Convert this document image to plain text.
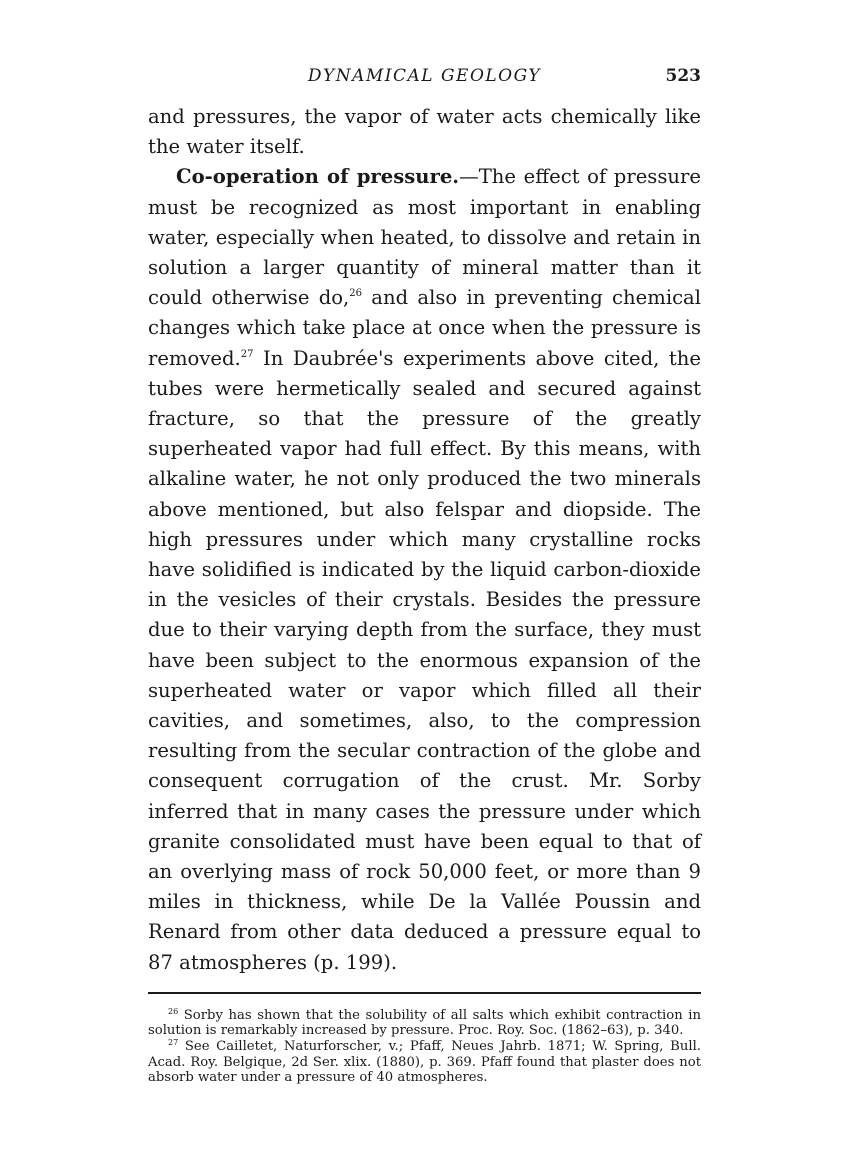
DYNAMICAL GEOLOGY	523

and pressures, the vapor of water acts chemically like the water itself.

Co-operation of pressure.—The effect of pressure must be recognized as most important in enabling water, especially when heated, to dissolve and retain in solution a larger quantity of mineral matter than it could otherwise do,$^{26}$ and also in preventing chemical changes which take place at once when the pressure is removed.$^{27}$ In Daubrée's experiments above cited, the tubes were hermetically sealed and secured against fracture, so that the pressure of the greatly superheated vapor had full effect. By this means, with alkaline water, he not only produced the two minerals above mentioned, but also felspar and diopside. The high pressures under which many crystalline rocks have solidified is indicated by the liquid carbon-dioxide in the vesicles of their crystals. Besides the pressure due to their varying depth from the surface, they must have been subject to the enormous expansion of the superheated water or vapor which filled all their cavities, and sometimes, also, to the compression resulting from the secular contraction of the globe and consequent corrugation of the crust. Mr. Sorby inferred that in many cases the pressure under which granite consolidated must have been equal to that of an overlying mass of rock 50,000 feet, or more than 9 miles in thickness, while De la Vallée Poussin and Renard from other data deduced a pressure equal to 87 atmospheres (p. 199).

$^{26}$ Sorby has shown that the solubility of all salts which exhibit contraction in solution is remarkably increased by pressure. Proc. Roy. Soc. (1862–63), p. 340.

$^{27}$ See Cailletet, Naturforscher, v.; Pfaff, Neues Jahrb. 1871; W. Spring, Bull. Acad. Roy. Belgique, 2d Ser. xlix. (1880), p. 369. Pfaff found that plaster does not absorb water under a pressure of 40 atmospheres.
